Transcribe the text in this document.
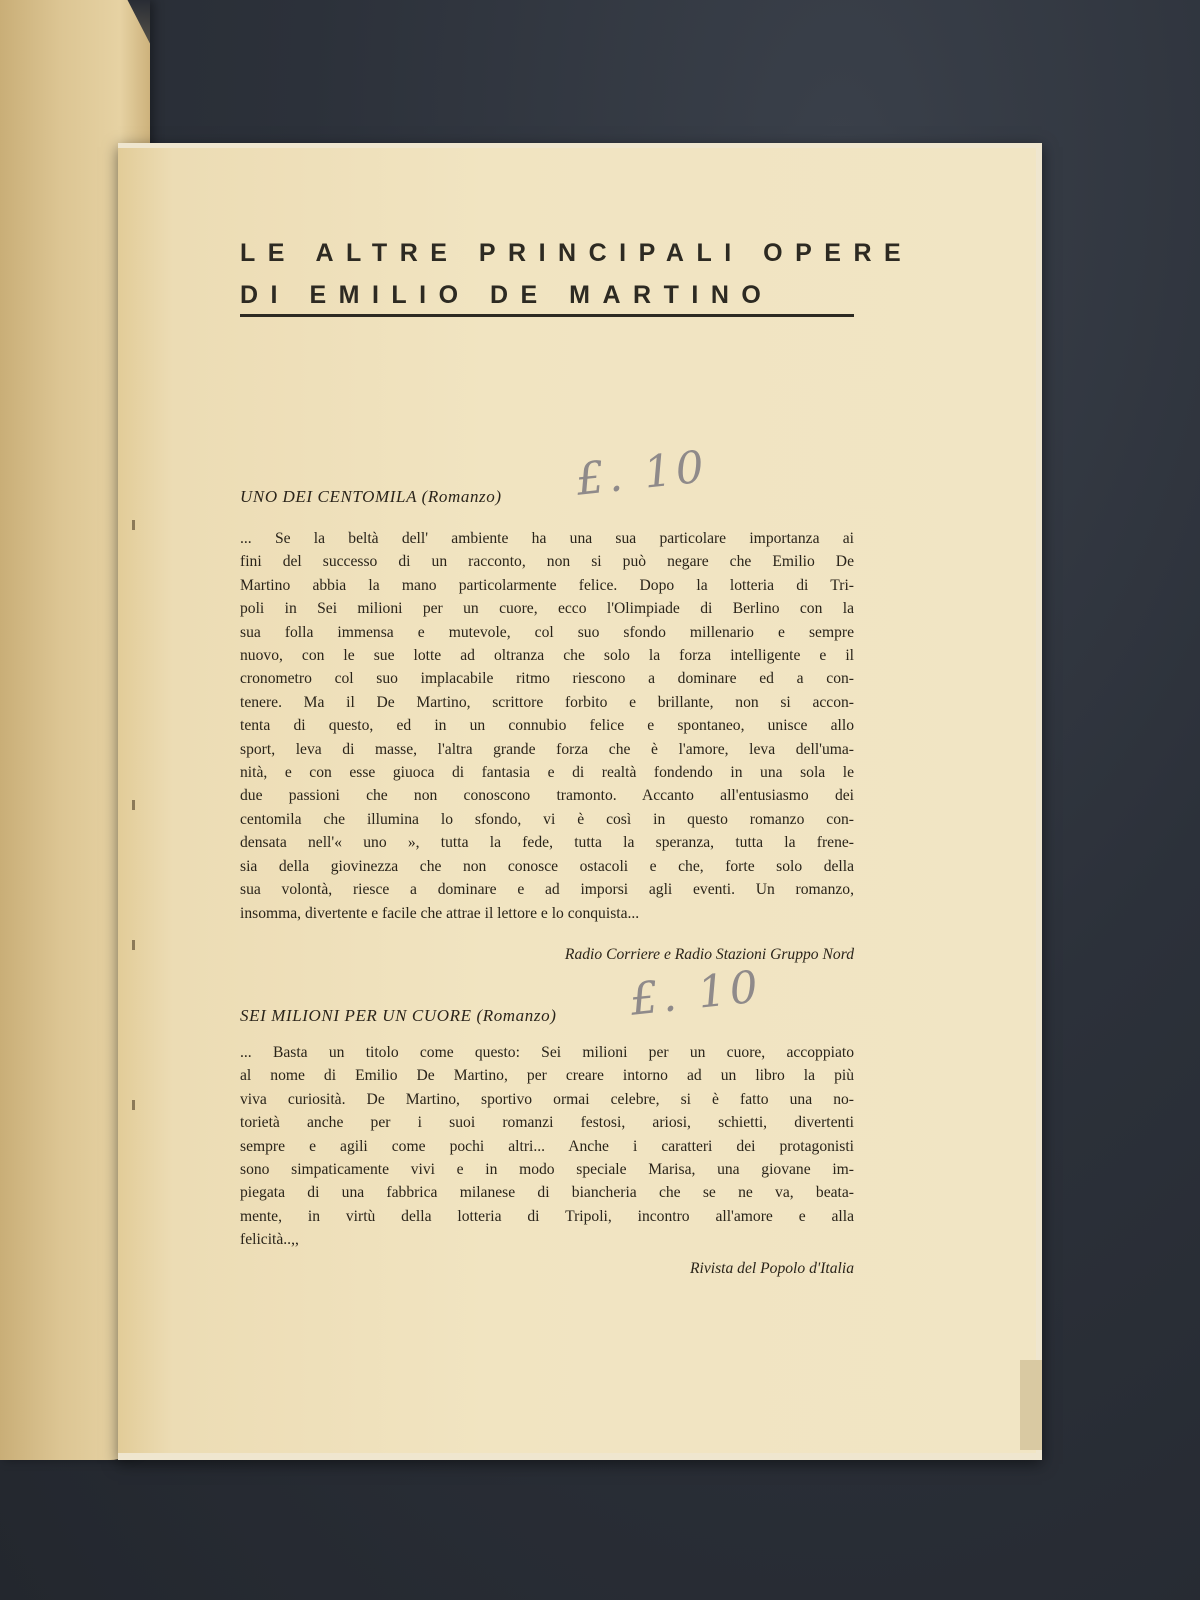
LE ALTRE PRINCIPALI OPERE
DI EMILIO DE MARTINO
UNO DEI CENTOMILA (Romanzo) £. 10
... Se la beltà dell' ambiente ha una sua particolare importanza ai
fini del successo di un racconto, non si può negare che Emilio De
Martino abbia la mano particolarmente felice. Dopo la lotteria di Tri-
poli in Sei milioni per un cuore, ecco l'Olimpiade di Berlino con la
sua folla immensa e mutevole, col suo sfondo millenario e sempre
nuovo, con le sue lotte ad oltranza che solo la forza intelligente e il
cronometro col suo implacabile ritmo riescono a dominare ed a con-
tenere. Ma il De Martino, scrittore forbito e brillante, non si accon-
tenta di questo, ed in un connubio felice e spontaneo, unisce allo
sport, leva di masse, l'altra grande forza che è l'amore, leva dell'uma-
nità, e con esse giuoca di fantasia e di realtà fondendo in una sola le
due passioni che non conoscono tramonto. Accanto all'entusiasmo dei
centomila che illumina lo sfondo, vi è così in questo romanzo con-
densata nell'« uno », tutta la fede, tutta la speranza, tutta la frene-
sia della giovinezza che non conosce ostacoli e che, forte solo della
sua volontà, riesce a dominare e ad imporsi agli eventi. Un romanzo,
insomma, divertente e facile che attrae il lettore e lo conquista...
Radio Corriere e Radio Stazioni Gruppo Nord
SEI MILIONI PER UN CUORE (Romanzo) £. 10
... Basta un titolo come questo: Sei milioni per un cuore, accoppiato
al nome di Emilio De Martino, per creare intorno ad un libro la più
viva curiosità. De Martino, sportivo ormai celebre, si è fatto una no-
torietà anche per i suoi romanzi festosi, ariosi, schietti, divertenti
sempre e agili come pochi altri... Anche i caratteri dei protagonisti
sono simpaticamente vivi e in modo speciale Marisa, una giovane im-
piegata di una fabbrica milanese di biancheria che se ne va, beata-
mente, in virtù della lotteria di Tripoli, incontro all'amore e alla
felicità..,,
Rivista del Popolo d'Italia
